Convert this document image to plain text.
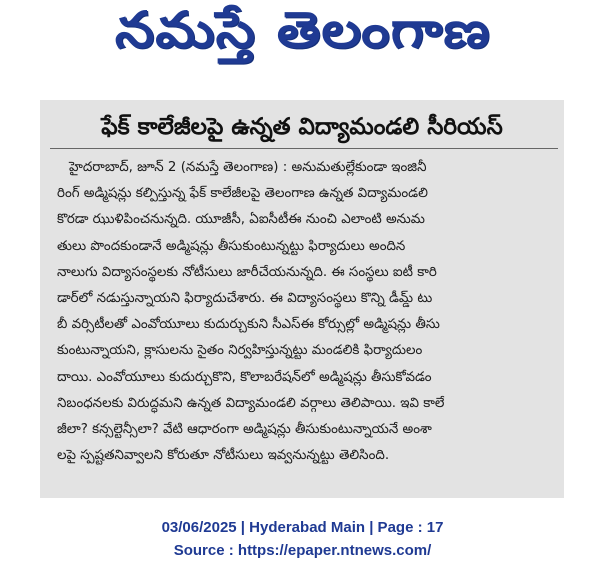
నమస్తే తెలంగాణ
ఫేక్ కాలేజీలపై ఉన్నత విద్యామండలి సీరియస్
హైదరాబాద్, జూన్ 2 (నమస్తే తెలంగాణ) : అనుమతుల్లేకుండా ఇంజినీ
రింగ్ అడ్మిషన్లు కల్పిస్తున్న ఫేక్ కాలేజీలపై తెలంగాణ ఉన్నత విద్యామండలి
కొరడా ఝుళిపించనున్నది. యూజీసీ, ఏఐసీటీఈ నుంచి ఎలాంటి అనుమ
తులు పొందకుండానే అడ్మిషన్లు తీసుకుంటున్నట్టు ఫిర్యాదులు అందిన
నాలుగు విద్యాసంస్థలకు నోటీసులు జారీచేయనున్నది. ఈ సంస్థలు ఐటీ కారి
డార్‌లో నడుస్తున్నాయని ఫిర్యాదుచేశారు. ఈ విద్యాసంస్థలు కొన్ని డీమ్డ్ టు
బీ వర్సిటీలతో ఎంవోయూలు కుదుర్చుకుని సీఎస్ఈ కోర్సుల్లో అడ్మిషన్లు తీసు
కుంటున్నాయని, క్లాసులను సైతం నిర్వహిస్తున్నట్టు మండలికి ఫిర్యాదులం
దాయి. ఎంవోయూలు కుదుర్చుకొని, కొలాబరేషన్‌లో అడ్మిషన్లు తీసుకోవడం
నిబంధనలకు విరుద్ధమని ఉన్నత విద్యామండలి వర్గాలు తెలిపాయి. ఇవి కాలే
జీలా? కన్సల్టెన్సీలా? వేటి ఆధారంగా అడ్మిషన్లు తీసుకుంటున్నాయనే అంశా
లపై స్పష్టతనివ్వాలని కోరుతూ నోటీసులు ఇవ్వనున్నట్టు తెలిసింది.
03/06/2025 | Hyderabad Main | Page : 17
Source : https://epaper.ntnews.com/
